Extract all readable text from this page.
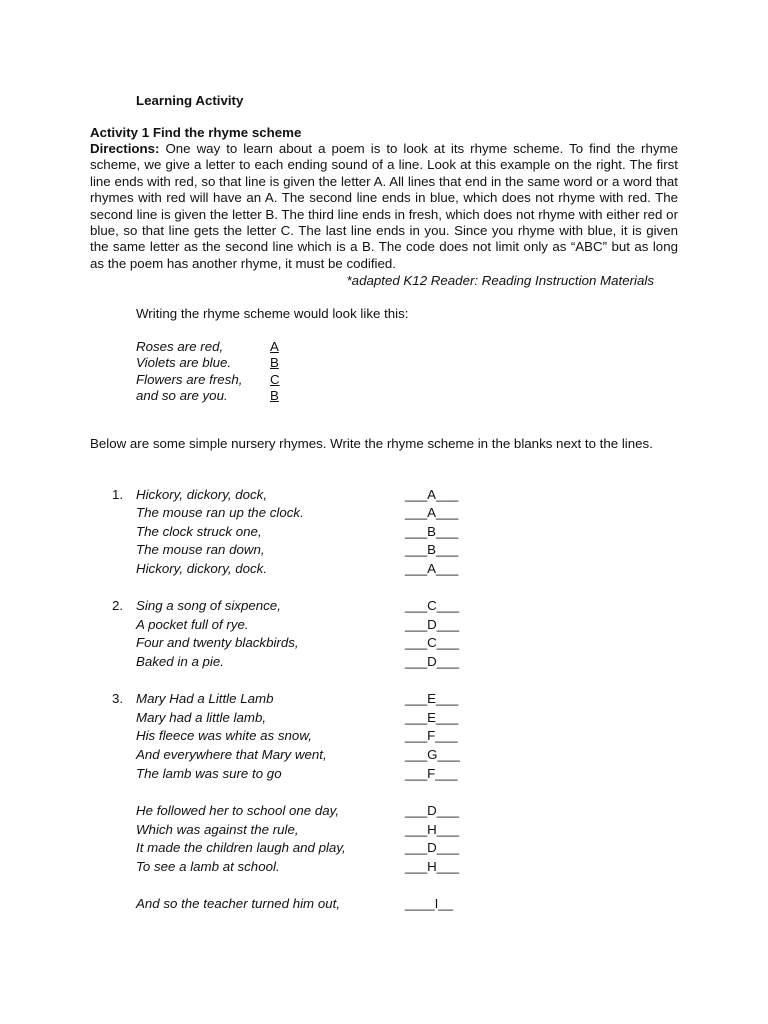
Learning Activity
Activity 1 Find the rhyme scheme
Directions: One way to learn about a poem is to look at its rhyme scheme. To find the rhyme scheme, we give a letter to each ending sound of a line. Look at this example on the right. The first line ends with red, so that line is given the letter A. All lines that end in the same word or a word that rhymes with red will have an A. The second line ends in blue, which does not rhyme with red. The second line is given the letter B. The third line ends in fresh, which does not rhyme with either red or blue, so that line gets the letter C. The last line ends in you. Since you rhyme with blue, it is given the same letter as the second line which is a B. The code does not limit only as “ABC” but as long as the poem has another rhyme, it must be codified.
*adapted K12 Reader: Reading Instruction Materials
Writing the rhyme scheme would look like this:
Roses are red,	A
Violets are blue.	B
Flowers are fresh, C
and so are you.	B
Below are some simple nursery rhymes. Write the rhyme scheme in the blanks next to the lines.
1. Hickory, dickory, dock,	___A___
The mouse ran up the clock.	___A___
The clock struck one,	___B___
The mouse ran down,	___B___
Hickory, dickory, dock.	___A___
2. Sing a song of sixpence,	___C___
A pocket full of rye.	___D___
Four and twenty blackbirds,	___C___
Baked in a pie.	___D___
3. Mary Had a Little Lamb	___E___
Mary had a little lamb,	___E___
His fleece was white as snow,	___F___
And everywhere that Mary went,	___G___
The lamb was sure to go	___F___
He followed her to school one day,	___D___
Which was against the rule,	___H___
It made the children laugh and play,	___D___
To see a lamb at school.	___H___
And so the teacher turned him out,	____I__
